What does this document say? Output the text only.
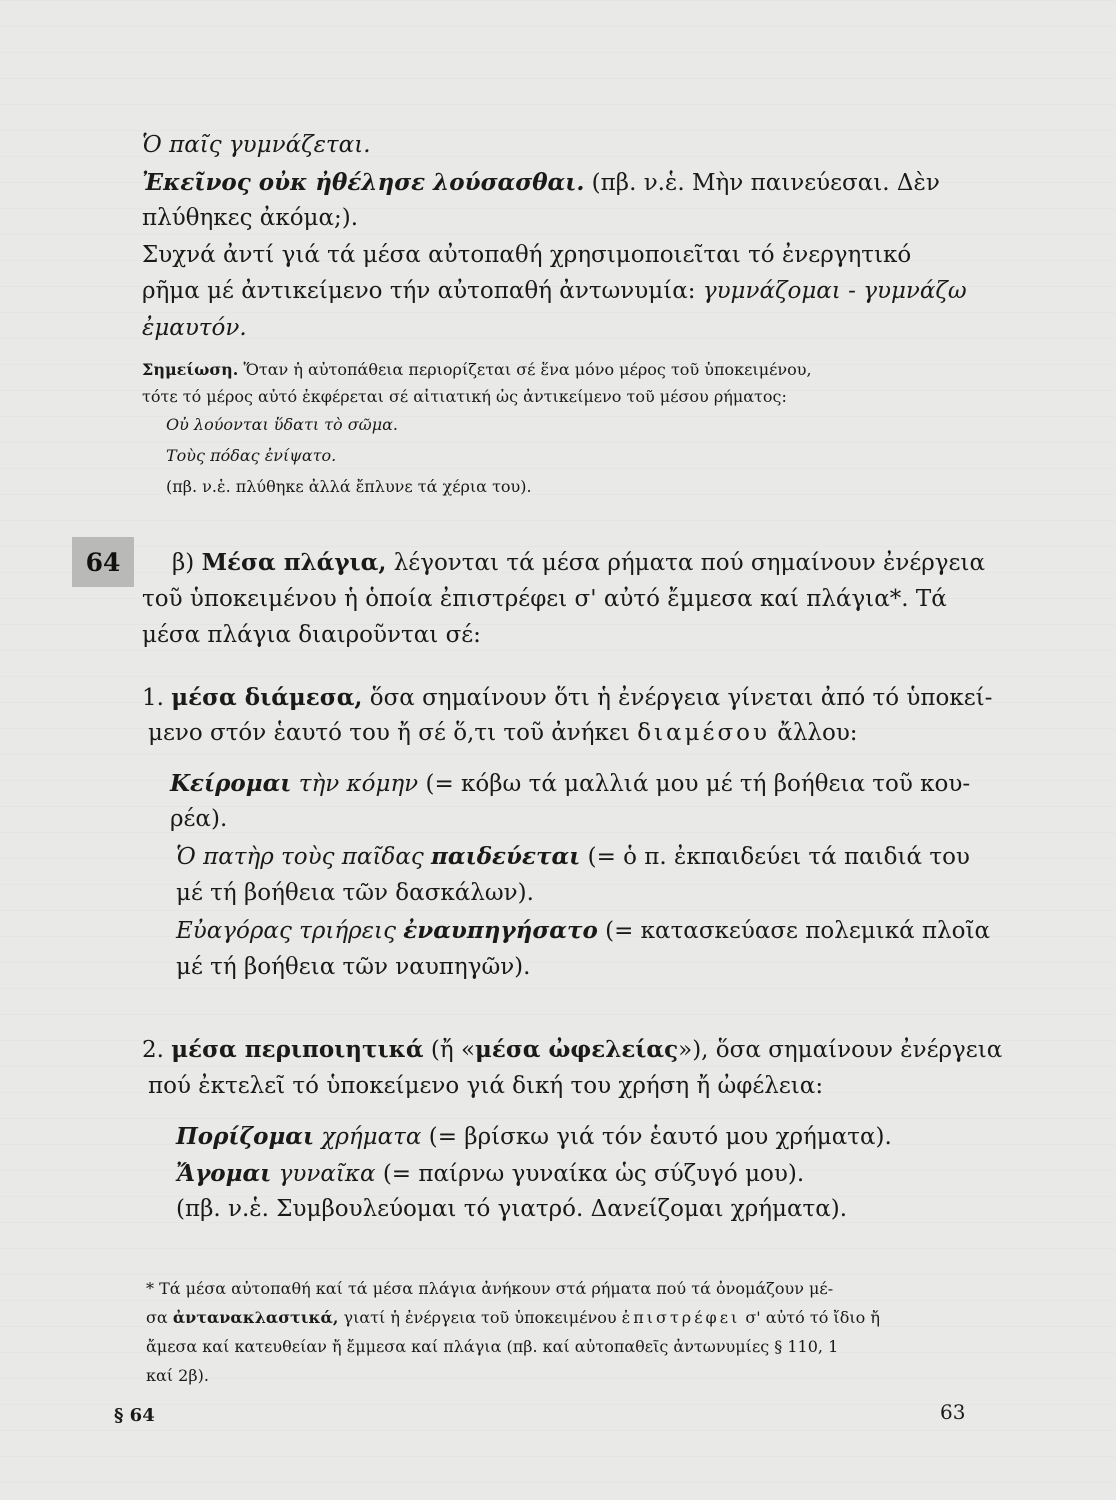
Ὁ παῖς γυμνάζεται.
Ἐκεῖνος οὐκ ἠθέλησε λούσασθαι. (πβ. ν.ἑ. Μὴν παινεύεσαι. Δὲν
πλύθηκες ἀκόμα;).
Συχνά ἀντί γιά τά μέσα αὐτοπαθή χρησιμοποιεῖται τό ἐνεργητικό
ρῆμα μέ ἀντικείμενο τήν αὐτοπαθή ἀντωνυμία: γυμνάζομαι - γυμνάζω
ἐμαυτόν.
Σημείωση. Ὅταν ἡ αὐτοπάθεια περιορίζεται σέ ἕνα μόνο μέρος τοῦ ὑποκειμένου,
τότε τό μέρος αὐτό ἐκφέρεται σέ αἰτιατική ὡς ἀντικείμενο τοῦ μέσου ρήματος:
Οὐ λούονται ὕδατι τὸ σῶμα.
Τοὺς πόδας ἐνίψατο.
(πβ. ν.ἑ. πλύθηκε ἀλλά ἔπλυνε τά χέρια του).
64	β) Μέσα πλάγια, λέγονται τά μέσα ρήματα πού σημαίνουν ἐνέργεια
τοῦ ὑποκειμένου ἡ ὁποία ἐπιστρέφει σ' αὐτό ἔμμεσα καί πλάγια*. Τά
μέσα πλάγια διαιροῦνται σέ:
1. μέσα διάμεσα, ὅσα σημαίνουν ὅτι ἡ ἐνέργεια γίνεται ἀπό τό ὑποκεί-
μενο στόν ἑαυτό του ἤ σέ ὅ,τι τοῦ ἀνήκει διαμέσου ἄλλου:
Κείρομαι τὴν κόμην (= κόβω τά μαλλιά μου μέ τή βοήθεια τοῦ κου-
ρέα).
Ὁ πατὴρ τοὺς παῖδας παιδεύεται (= ὁ π. ἐκπαιδεύει τά παιδιά του
μέ τή βοήθεια τῶν δασκάλων).
Εὐαγόρας τριήρεις ἐναυπηγήσατο (= κατασκεύασε πολεμικά πλοῖα
μέ τή βοήθεια τῶν ναυπηγῶν).
2. μέσα περιποιητικά (ἤ «μέσα ὠφελείας»), ὅσα σημαίνουν ἐνέργεια
πού ἐκτελεῖ τό ὑποκείμενο γιά δική του χρήση ἤ ὠφέλεια:
Πορίζομαι χρήματα (= βρίσκω γιά τόν ἑαυτό μου χρήματα).
Ἄγομαι γυναῖκα (= παίρνω γυναίκα ὡς σύζυγό μου).
(πβ. ν.ἑ. Συμβουλεύομαι τό γιατρό. Δανείζομαι χρήματα).
* Τά μέσα αὐτοπαθή καί τά μέσα πλάγια ἀνήκουν στά ρήματα πού τά ὀνομάζουν μέ-
σα ἀντανακλαστικά, γιατί ἡ ἐνέργεια τοῦ ὑποκειμένου ἐπιστρέφει σ' αὐτό τό ἴδιο ἤ
ἄμεσα καί κατευθείαν ἤ ἔμμεσα καί πλάγια (πβ. καί αὐτοπαθεῖς ἀντωνυμίες § 110, 1
καί 2β).
§ 64	63
